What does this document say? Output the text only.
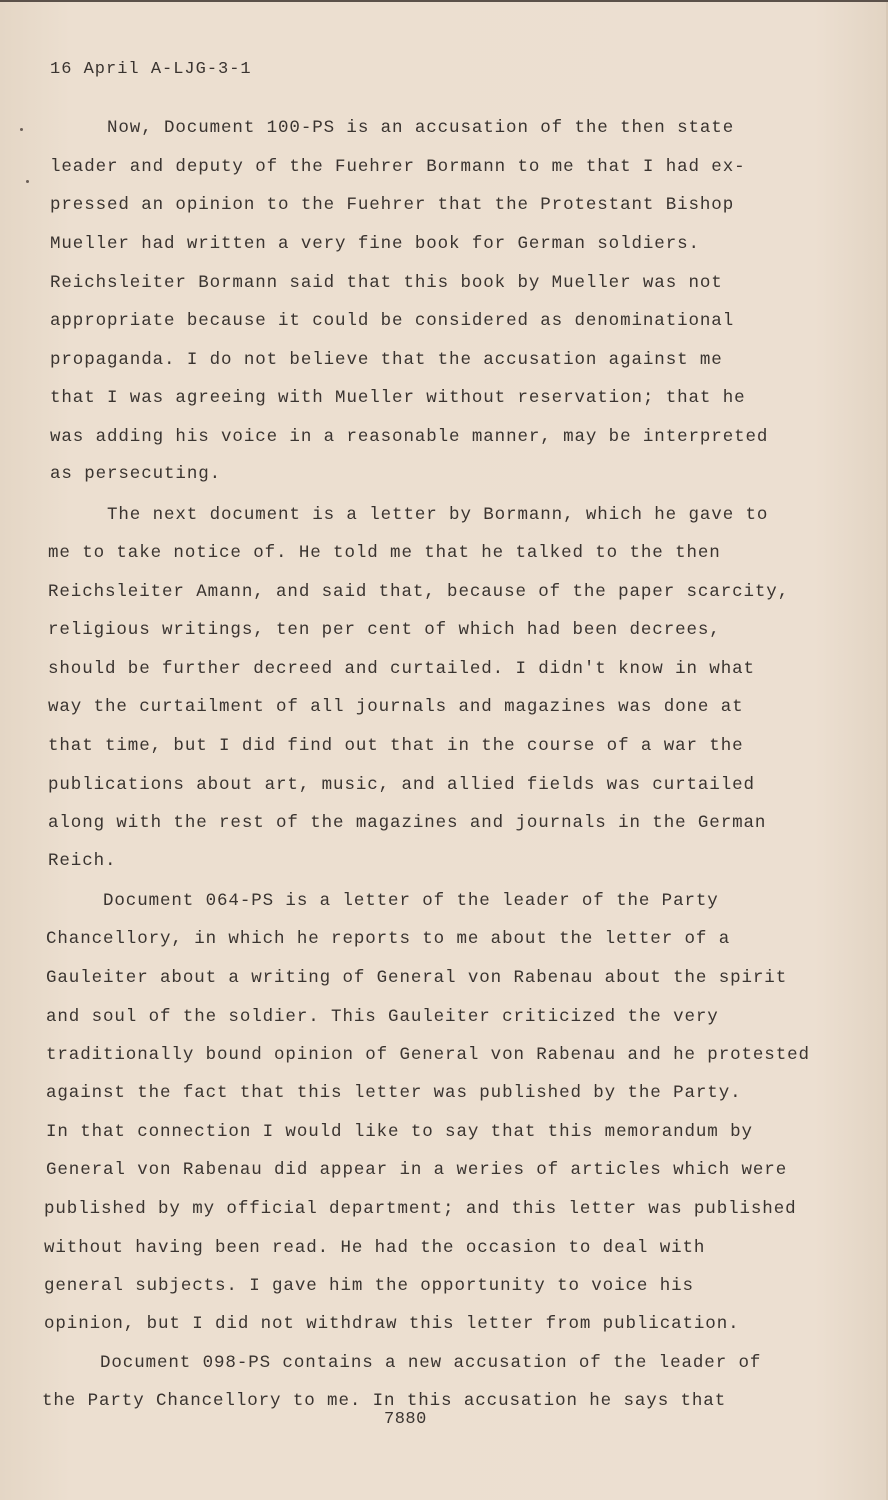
16 April A-LJG-3-1
Now, Document 100-PS is an accusation of the then state
leader and deputy of the Fuehrer Bormann to me that I had ex-
pressed an opinion to the Fuehrer that the Protestant Bishop
Mueller had written a very fine book for German soldiers.
Reichsleiter Bormann said that this book by Mueller was not
appropriate because it could be considered as denominational
propaganda. I do not believe that the accusation against me
that I was agreeing with Mueller without reservation; that he
was adding his voice in a reasonable manner, may be interpreted
as persecuting.
The next document is a letter by Bormann, which he gave to
me to take notice of. He told me that he talked to the then
Reichsleiter Amann, and said that, because of the paper scarcity,
religious writings, ten per cent of which had been decrees,
should be further decreed and curtailed. I didn't know in what
way the curtailment of all journals and magazines was done at
that time, but I did find out that in the course of a war the
publications about art, music, and allied fields was curtailed
along with the rest of the magazines and journals in the German
Reich.
Document 064-PS is a letter of the leader of the Party
Chancellory, in which he reports to me about the letter of a
Gauleiter about a writing of General von Rabenau about the spirit
and soul of the soldier. This Gauleiter criticized the very
traditionally bound opinion of General von Rabenau and he protested
against the fact that this letter was published by the Party.
In that connection I would like to say that this memorandum by
General von Rabenau did appear in a weries of articles which were
published by my official department; and this letter was published
without having been read. He had the occasion to deal with
general subjects. I gave him the opportunity to voice his
opinion, but I did not withdraw this letter from publication.
Document 098-PS contains a new accusation of the leader of
the Party Chancellory to me. In this accusation he says that
7880
